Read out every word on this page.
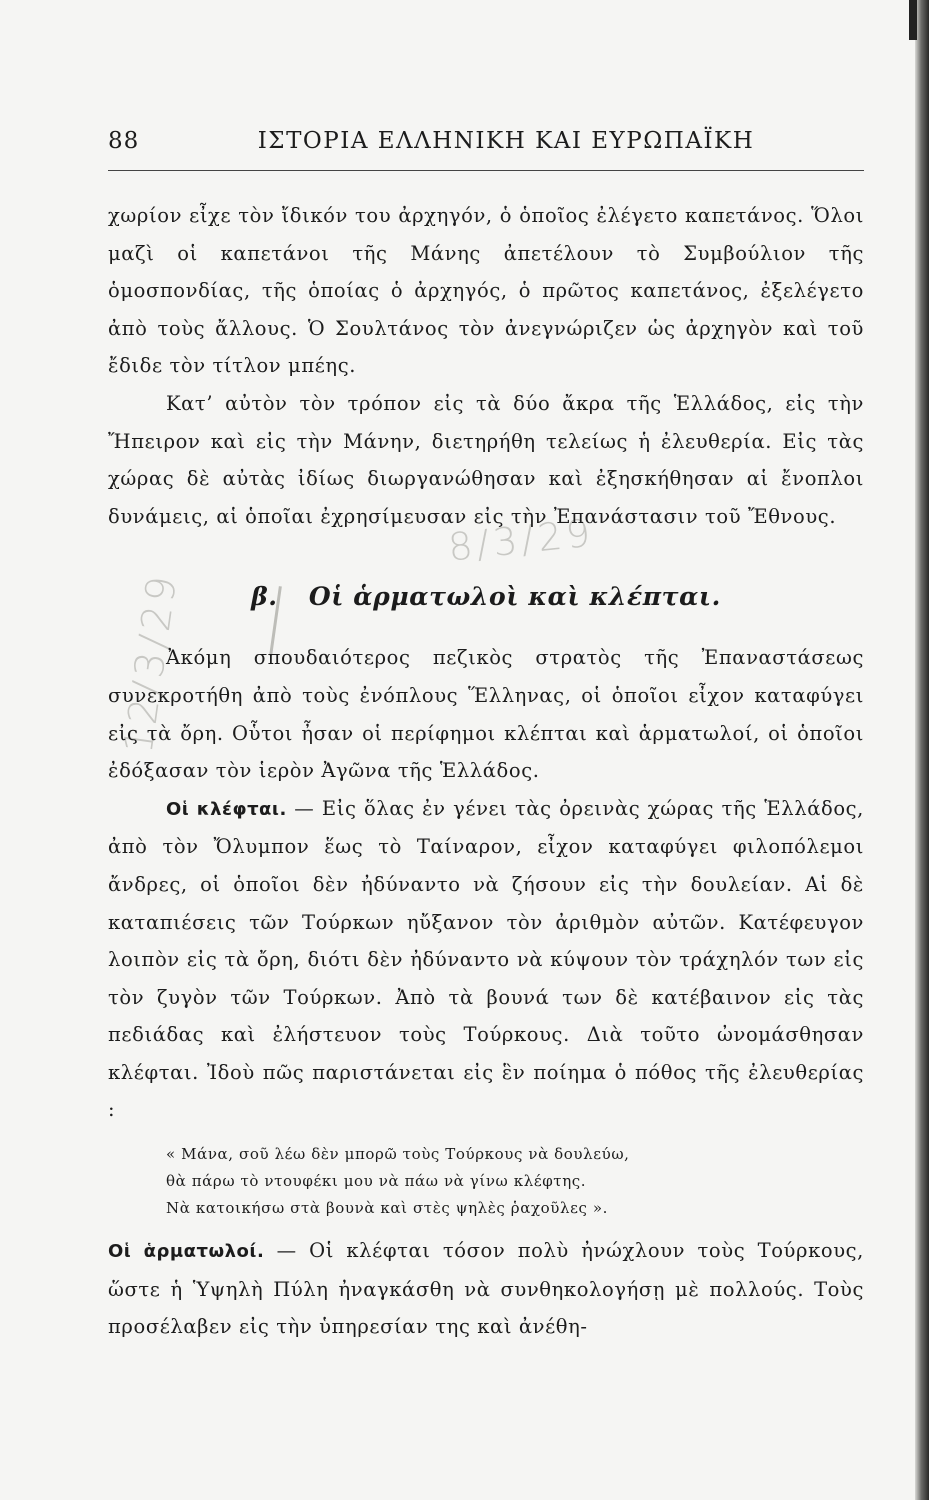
8/3/29
12/3/29
88	ΙΣΤΟΡΙΑ ΕΛΛΗΝΙΚΗ ΚΑΙ ΕΥΡΩΠΑΪΚΗ

χωρίον εἶχε τὸν ἴδικόν του ἀρχηγόν, ὁ ὁποῖος ἐλέγετο καπετάνος. Ὅλοι μαζὶ οἱ καπετάνοι τῆς Μάνης ἀπετέλουν τὸ Συμβούλιον τῆς ὁμοσπονδίας, τῆς ὁποίας ὁ ἀρχηγός, ὁ πρῶτος καπετάνος, ἐξελέγετο ἀπὸ τοὺς ἄλλους. Ὁ Σουλτάνος τὸν ἀνεγνώριζεν ὡς ἀρχηγὸν καὶ τοῦ ἔδιδε τὸν τίτλον μπέης.

Κατ’ αὐτὸν τὸν τρόπον εἰς τὰ δύο ἄκρα τῆς Ἑλλάδος, εἰς τὴν Ἤπειρον καὶ εἰς τὴν Μάνην, διετηρήθη τελείως ἡ ἐλευθερία. Εἰς τὰς χώρας δὲ αὐτὰς ἰδίως διωργανώθησαν καὶ ἐξησκήθησαν αἱ ἔνοπλοι δυνάμεις, αἱ ὁποῖαι ἐχρησίμευσαν εἰς τὴν Ἐπανάστασιν τοῦ Ἔθνους.

β. Οἱ ἁρματωλοὶ καὶ κλέπται.

Ἀκόμη σπουδαιότερος πεζικὸς στρατὸς τῆς Ἐπαναστάσεως συνεκροτήθη ἀπὸ τοὺς ἐνόπλους Ἕλληνας, οἱ ὁποῖοι εἶχον καταφύγει εἰς τὰ ὄρη. Οὗτοι ἦσαν οἱ περίφημοι κλέπται καὶ ἁρματωλοί, οἱ ὁποῖοι ἐδόξασαν τὸν ἱερὸν Ἀγῶνα τῆς Ἑλλάδος.

Οἱ κλέφται. — Εἰς ὅλας ἐν γένει τὰς ὀρεινὰς χώρας τῆς Ἑλλάδος, ἀπὸ τὸν Ὄλυμπον ἕως τὸ Ταίναρον, εἶχον καταφύγει φιλοπόλεμοι ἄνδρες, οἱ ὁποῖοι δὲν ἠδύναντο νὰ ζήσουν εἰς τὴν δουλείαν. Αἱ δὲ καταπιέσεις τῶν Τούρκων ηὔξανον τὸν ἀριθμὸν αὐτῶν. Κατέφευγον λοιπὸν εἰς τὰ ὄρη, διότι δὲν ἠδύναντο νὰ κύψουν τὸν τράχηλόν των εἰς τὸν ζυγὸν τῶν Τούρκων. Ἀπὸ τὰ βουνά των δὲ κατέβαινον εἰς τὰς πεδιάδας καὶ ἐλήστευον τοὺς Τούρκους. Διὰ τοῦτο ὠνομάσθησαν κλέφται. Ἰδοὺ πῶς παριστάνεται εἰς ἓν ποίημα ὁ πόθος τῆς ἐλευθερίας :

« Μάνα, σοῦ λέω δὲν μπορῶ τοὺς Τούρκους νὰ δουλεύω,
θὰ πάρω τὸ ντουφέκι μου νὰ πάω νὰ γίνω κλέφτης.
Νὰ κατοικήσω στὰ βουνὰ καὶ στὲς ψηλὲς ῥαχοῦλες ».

Οἱ ἁρματωλοί. — Οἱ κλέφται τόσον πολὺ ἠνώχλουν τοὺς Τούρκους, ὥστε ἡ Ὑψηλὴ Πύλη ἠναγκάσθη νὰ συνθηκολογήσῃ μὲ πολλούς. Τοὺς προσέλαβεν εἰς τὴν ὑπηρεσίαν της καὶ ἀνέθη-
